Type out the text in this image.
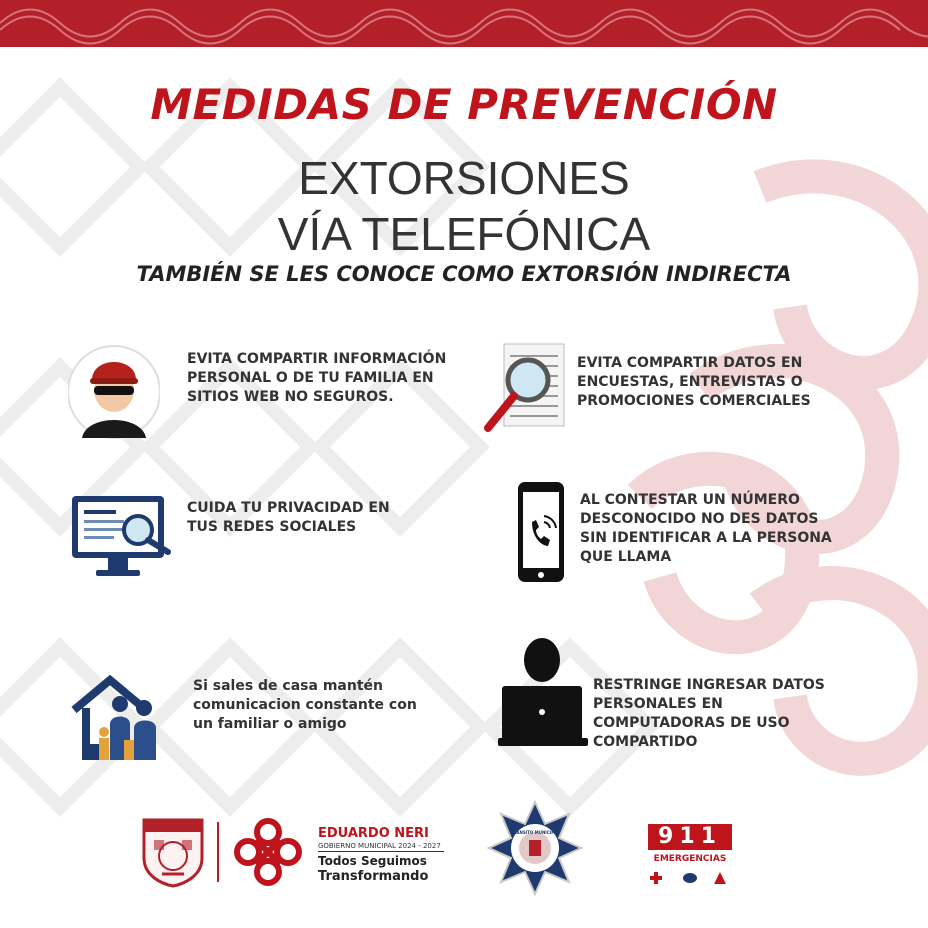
MEDIDAS DE PREVENCIÓN
EXTORSIONES
VÍA TELEFÓNICA
TAMBIÉN SE LES CONOCE COMO EXTORSIÓN INDIRECTA
EVITA COMPARTIR INFORMACIÓN
PERSONAL O DE TU FAMILIA EN
SITIOS WEB NO SEGUROS.
EVITA COMPARTIR DATOS EN
ENCUESTAS, ENTREVISTAS O
PROMOCIONES COMERCIALES
CUIDA TU PRIVACIDAD EN
TUS REDES SOCIALES
AL CONTESTAR UN NÚMERO
DESCONOCIDO NO DES DATOS
SIN IDENTIFICAR A LA PERSONA
QUE LLAMA
Si sales de casa mantén
comunicacion constante con
un familiar o amigo
RESTRINGE INGRESAR DATOS
PERSONALES EN
COMPUTADORAS DE USO
COMPARTIDO
EDUARDO NERI
GOBIERNO MUNICIPAL 2024 - 2027
Todos Seguimos
Transformando
TRANSITO MUNICIPAL	911
EMERGENCIAS
